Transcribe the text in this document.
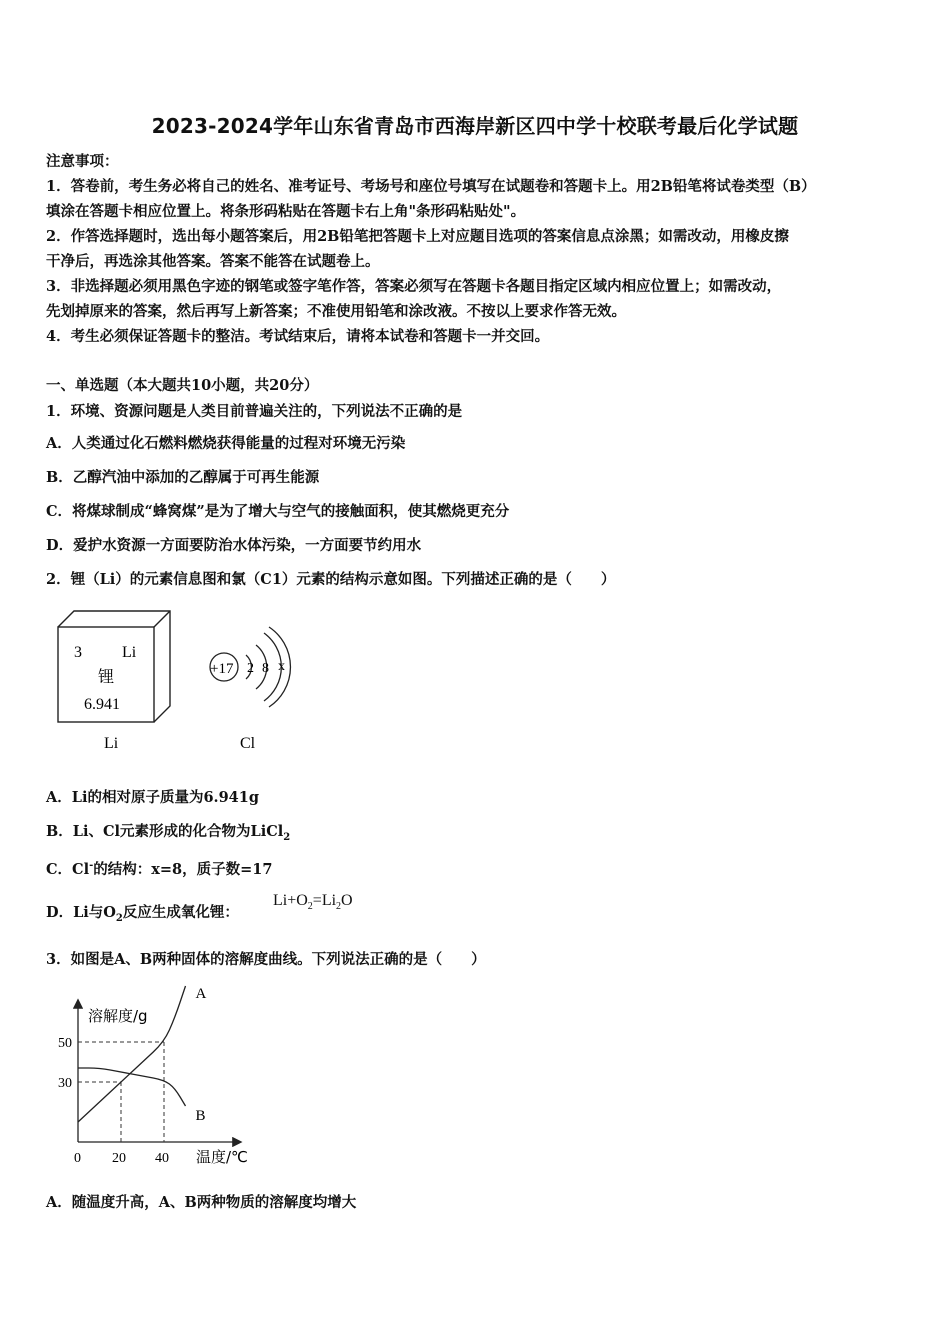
2023-2024学年山东省青岛市西海岸新区四中学十校联考最后化学试题
注意事项：
1．答卷前，考生务必将自己的姓名、准考证号、考场号和座位号填写在试题卷和答题卡上。用2B铅笔将试卷类型（B）
填涂在答题卡相应位置上。将条形码粘贴在答题卡右上角"条形码粘贴处"。
2．作答选择题时，选出每小题答案后，用2B铅笔把答题卡上对应题目选项的答案信息点涂黑；如需改动，用橡皮擦
干净后，再选涂其他答案。答案不能答在试题卷上。
3．非选择题必须用黑色字迹的钢笔或签字笔作答，答案必须写在答题卡各题目指定区域内相应位置上；如需改动，
先划掉原来的答案，然后再写上新答案；不准使用铅笔和涂改液。不按以上要求作答无效。
4．考生必须保证答题卡的整洁。考试结束后，请将本试卷和答题卡一并交回。
一、单选题（本大题共10小题，共20分）
1．环境、资源问题是人类目前普遍关注的，下列说法不正确的是
A．人类通过化石燃料燃烧获得能量的过程对环境无污染
B．乙醇汽油中添加的乙醇属于可再生能源
C．将煤球制成“蜂窝煤”是为了增大与空气的接触面积，使其燃烧更充分
D．爱护水资源一方面要防治水体污染，一方面要节约用水
2．锂（Li）的元素信息图和氯（C1）元素的结构示意如图。下列描述正确的是（　　）
3	Li
锂
6.941
Li
+17 2 8 x
Cl
A．Li的相对原子质量为6.941g
B．Li、Cl元素形成的化合物为LiCl$_2$
C．Cl-的结构：x=8，质子数=17
D．Li与$O_2$反应生成氧化锂：
$Li+O_2=Li_2O$
3．如图是A、B两种固体的溶解度曲线。下列说法正确的是（　　）
溶解度/g
温度/℃
A
B
0 20 40
30
50
A．随温度升高，A、B两种物质的溶解度均增大
